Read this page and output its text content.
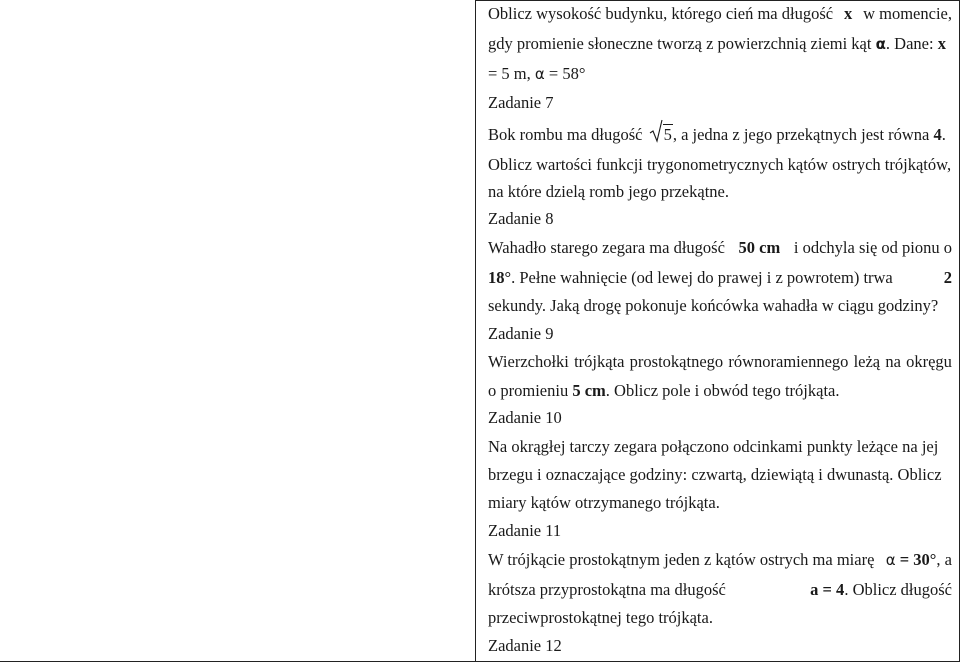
Oblicz wysokość budynku, którego cień ma długość x w momencie,
gdy promienie słoneczne tworzą z powierzchnią ziemi kąt α. Dane: x
= 5 m, α = 58°
Zadanie 7
Bok rombu ma długość 5, a jedna z jego przekątnych jest równa 4.
Oblicz wartości funkcji trygonometrycznych kątów ostrych trójkątów,
na które dzielą romb jego przekątne.
Zadanie 8
Wahadło starego zegara ma długość 50 cm i odchyla się od pionu o
18°. Pełne wahnięcie (od lewej do prawej i z powrotem) trwa	2
sekundy. Jaką drogę pokonuje końcówka wahadła w ciągu godziny?
Zadanie 9
Wierzchołki trójkąta prostokątnego równoramiennego leżą na okręgu
o promieniu 5 cm. Oblicz pole i obwód tego trójkąta.
Zadanie 10
Na okrągłej tarczy zegara połączono odcinkami punkty leżące na jej
brzegu i oznaczające godziny: czwartą, dziewiątą i dwunastą. Oblicz
miary kątów otrzymanego trójkąta.
Zadanie 11
W trójkącie prostokątnym jeden z kątów ostrych ma miarę α = 30°, a
krótsza przyprostokątna ma długość	a = 4. Oblicz długość
przeciwprostokątnej tego trójkąta.
Zadanie 12
